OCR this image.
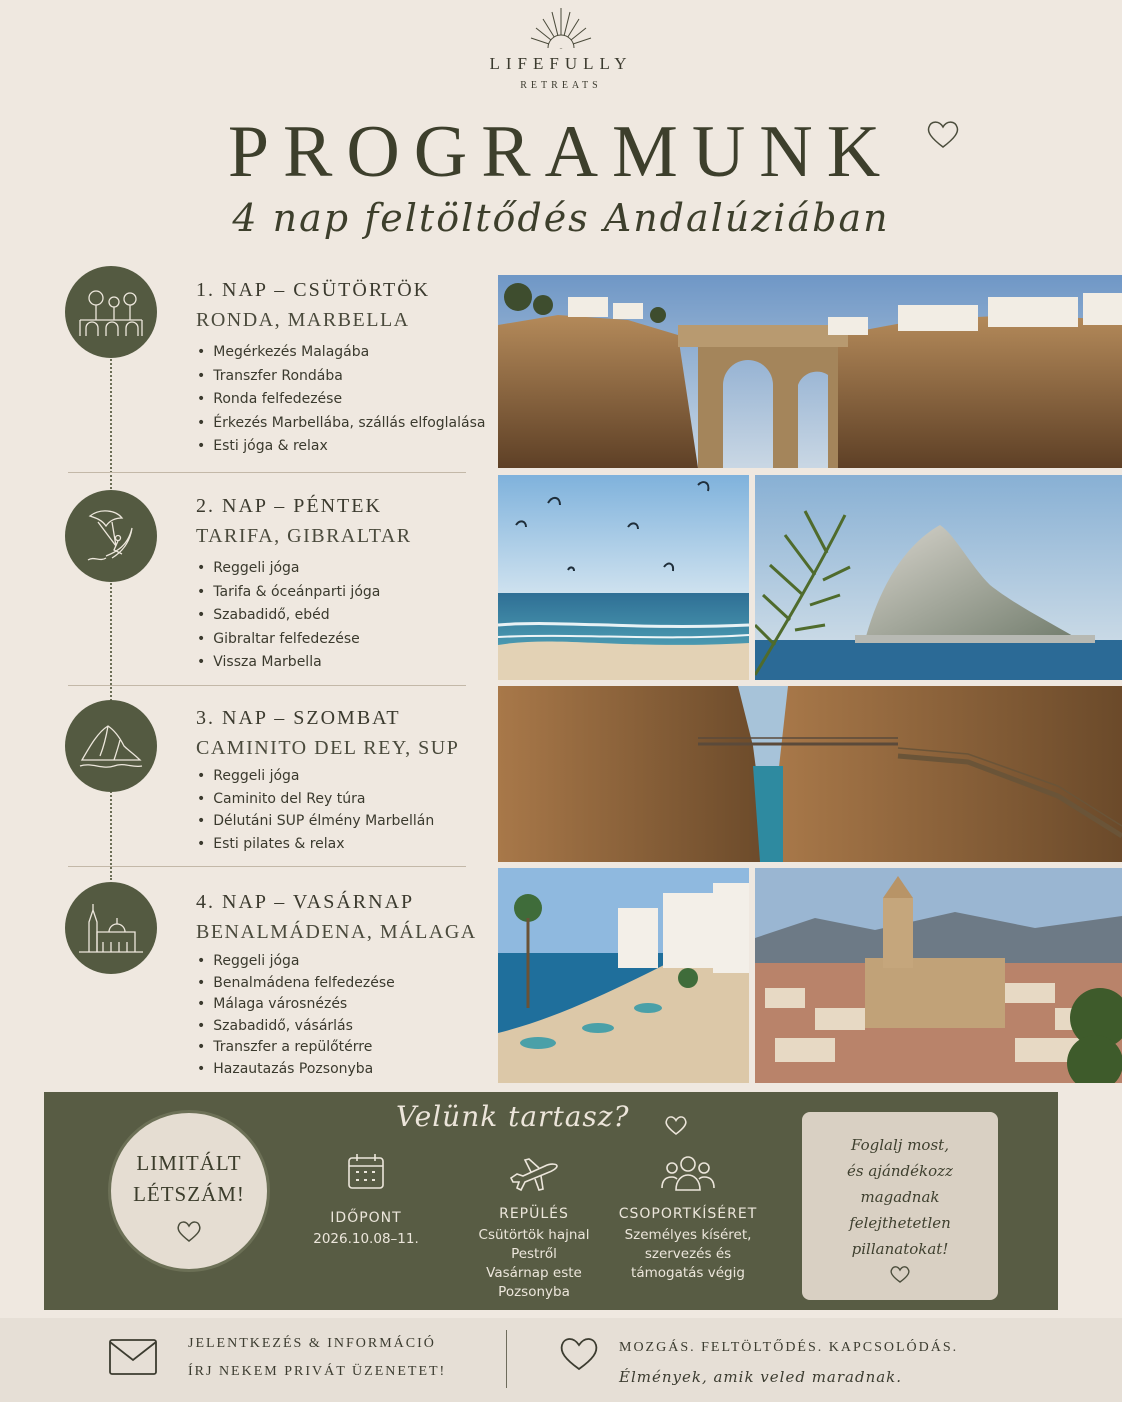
LIFEFULLY
RETREATS
PROGRAMUNK
4 nap feltöltődés Andalúziában
1. NAP – CSÜTÖRTÖK
RONDA, MARBELLA
• Megérkezés Malagába
• Transzfer Rondába
• Ronda felfedezése
• Érkezés Marbellába, szállás elfoglalása
• Esti jóga & relax
2. NAP – PÉNTEK
TARIFA, GIBRALTAR
• Reggeli jóga
• Tarifa & óceánparti jóga
• Szabadidő, ebéd
• Gibraltar felfedezése
• Vissza Marbella
3. NAP – SZOMBAT
CAMINITO DEL REY, SUP
• Reggeli jóga
• Caminito del Rey túra
• Délutáni SUP élmény Marbellán
• Esti pilates & relax
4. NAP – VASÁRNAP
BENALMÁDENA, MÁLAGA
• Reggeli jóga
• Benalmádena felfedezése
• Málaga városnézés
• Szabadidő, vásárlás
• Transzfer a repülőtérre
• Hazautazás Pozsonyba
Velünk tartasz?
LIMITÁLT
LÉTSZÁM!
IDŐPONT
2026.10.08–11.
REPÜLÉS
Csütörtök hajnal
Pestről
Vasárnap este
Pozsonyba
CSOPORTKÍSÉRET
Személyes kíséret,
szervezés és
támogatás végig
Foglalj most,
és ajándékozz
magadnak
felejthetetlen
pillanatokat!
JELENTKEZÉS & INFORMÁCIÓ
ÍRJ NEKEM PRIVÁT ÜZENETET!
MOZGÁS. FELTÖLTŐDÉS. KAPCSOLÓDÁS.
Élmények, amik veled maradnak.
